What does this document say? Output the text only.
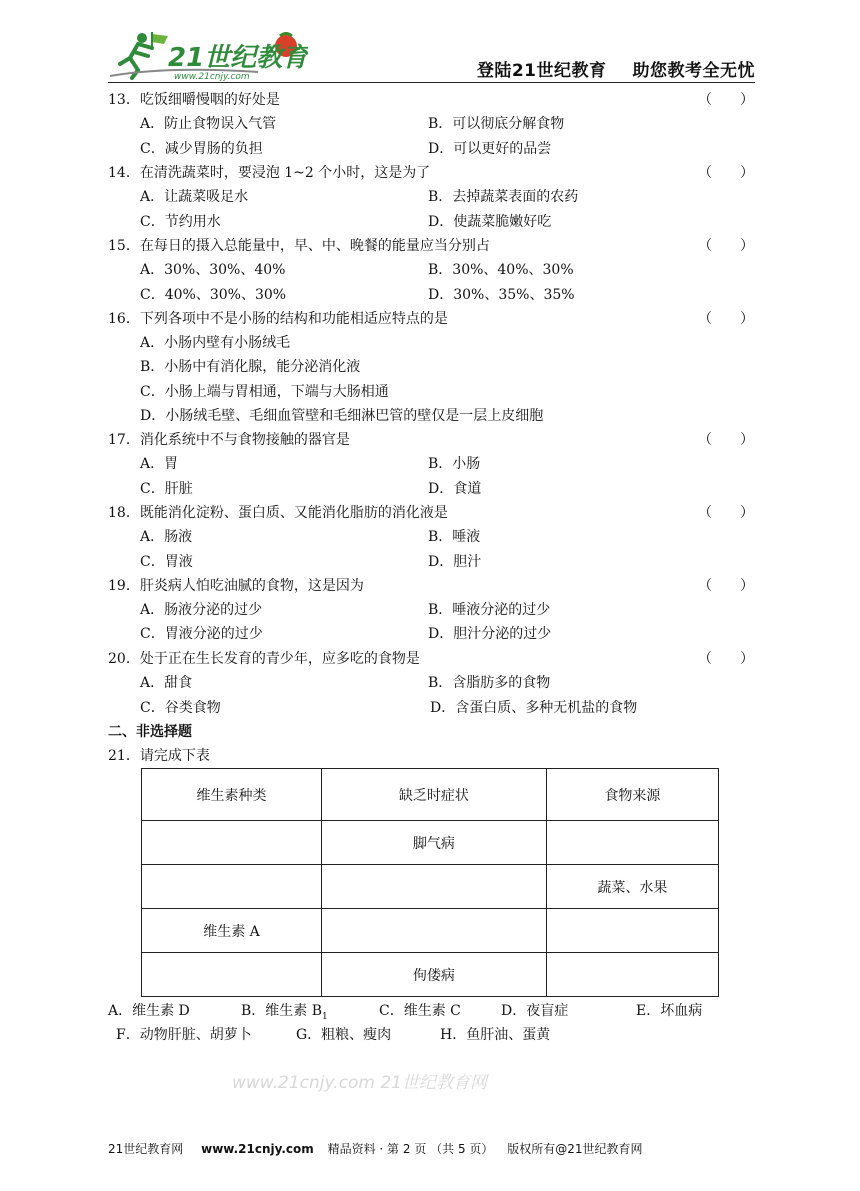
21世纪教育
www.21cnjy.com	登陆21世纪教育 助您教考全无忧
13．吃饭细嚼慢咽的好处是	（　　）
A．防止食物误入气管	B．可以彻底分解食物
C．减少胃肠的负担	D．可以更好的品尝
14．在清洗蔬菜时，要浸泡 1~2 个小时，这是为了	（　　）
A．让蔬菜吸足水	B．去掉蔬菜表面的农药
C．节约用水	D．使蔬菜脆嫩好吃
15．在每日的摄入总能量中，早、中、晚餐的能量应当分别占	（　　）
A．30%、30%、40%	B．30%、40%、30%
C．40%、30%、30%	D．30%、35%、35%
16．下列各项中不是小肠的结构和功能相适应特点的是	（　　）
A．小肠内壁有小肠绒毛
B．小肠中有消化腺，能分泌消化液
C．小肠上端与胃相通，下端与大肠相通
D．小肠绒毛壁、毛细血管壁和毛细淋巴管的壁仅是一层上皮细胞
17．消化系统中不与食物接触的器官是	（　　）
A．胃	B．小肠
C．肝脏	D．食道
18．既能消化淀粉、蛋白质、又能消化脂肪的消化液是	（　　）
A．肠液	B．唾液
C．胃液	D．胆汁
19．肝炎病人怕吃油腻的食物，这是因为	（　　）
A．肠液分泌的过少	B．唾液分泌的过少
C．胃液分泌的过少	D．胆汁分泌的过少
20．处于正在生长发育的青少年，应多吃的食物是	（　　）
A．甜食	B．含脂肪多的食物
C．谷类食物	D．含蛋白质、多种无机盐的食物
二、非选择题
21．请完成下表
维生素种类	缺乏时症状	食物来源
	脚气病	
		蔬菜、水果
维生素 A		
	佝偻病	
A．维生素 D	B．维生素 $B_1$	C．维生素 C	D．夜盲症	E．坏血病
F．动物肝脏、胡萝卜	G．粗粮、瘦肉	H．鱼肝油、蛋黄
www.21cnjy.com 21世纪教育网
21世纪教育网 www.21cnjy.com 精品资料 · 第 2 页 （共 5 页） 版权所有@21世纪教育网
